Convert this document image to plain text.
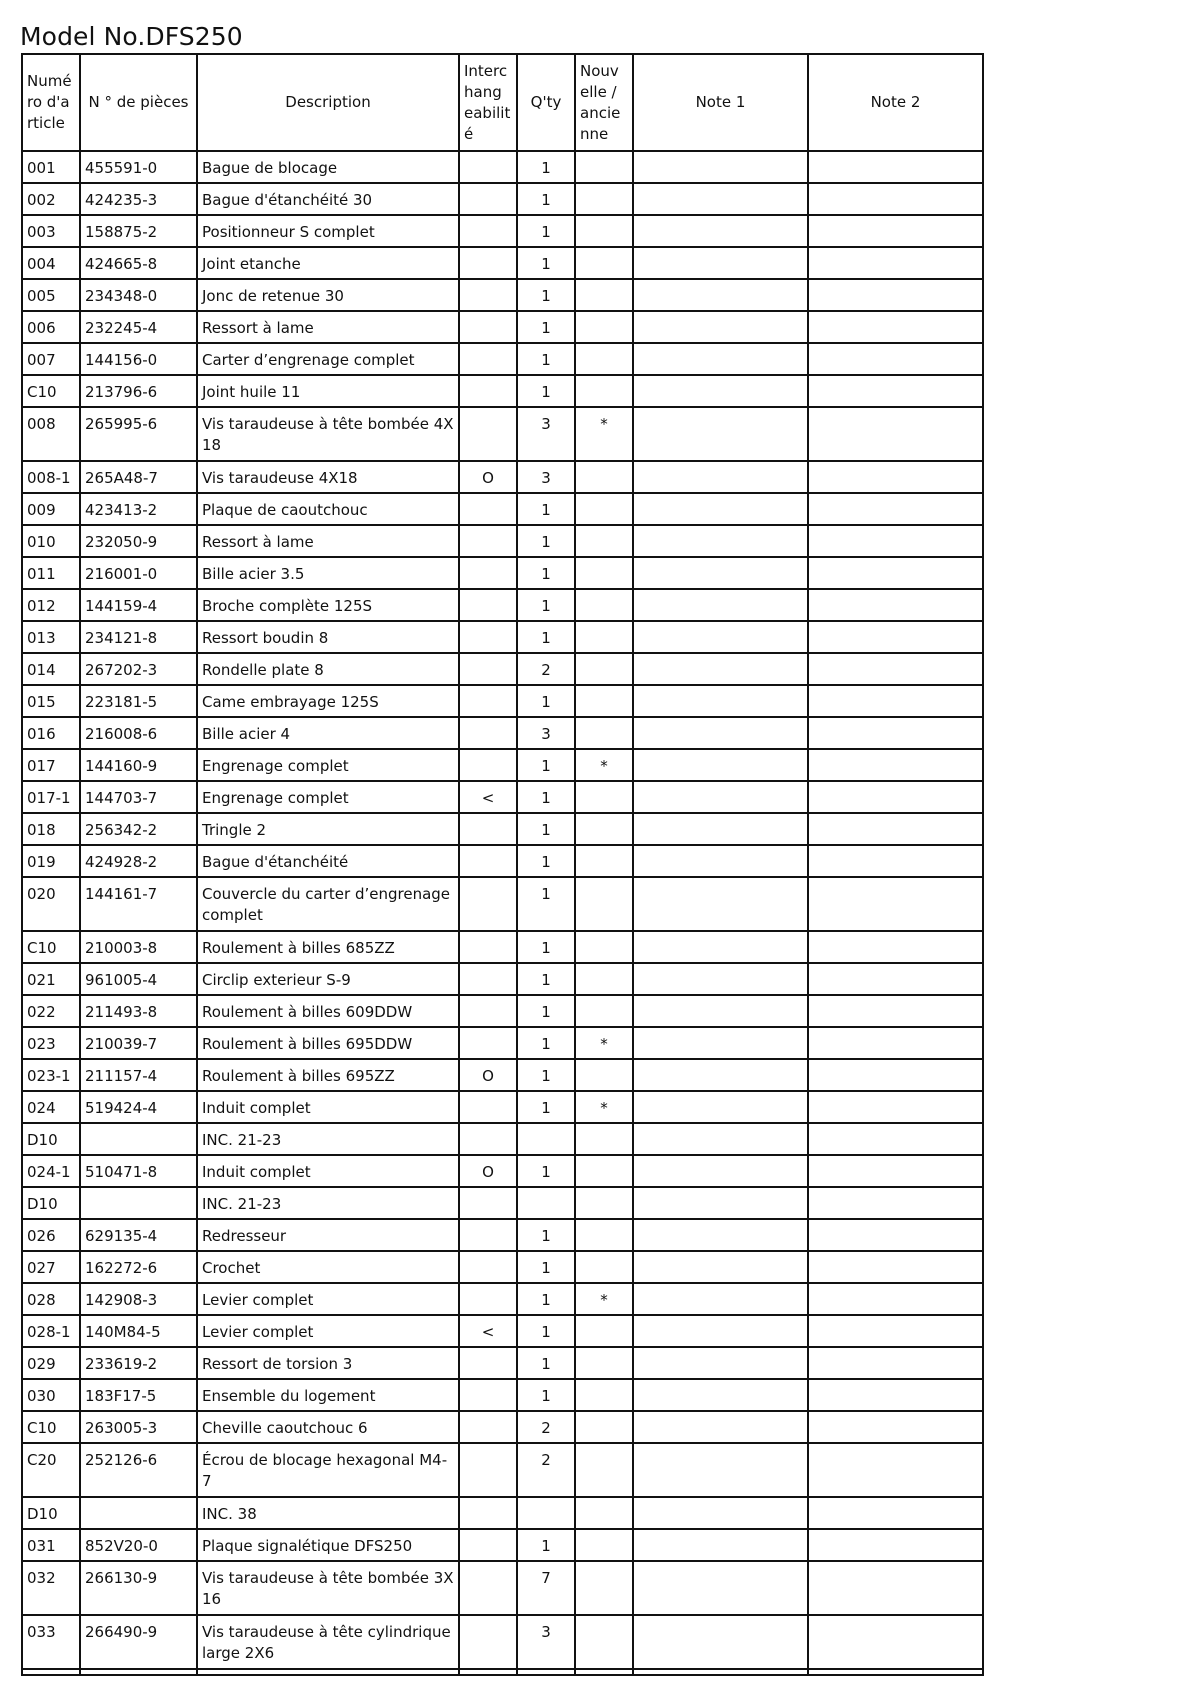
Model No.DFS250
Numé ro d'a rticle	N ° de pièces	Description	Interc hang eabilit é	Q'ty	Nouv elle / ancie nne	Note 1	Note 2
001	455591-0	Bague de blocage		1			
002	424235-3	Bague d'étanchéité 30		1			
003	158875-2	Positionneur S complet		1			
004	424665-8	Joint etanche		1			
005	234348-0	Jonc de retenue 30		1			
006	232245-4	Ressort à lame		1			
007	144156-0	Carter d’engrenage complet		1			
C10	213796-6	Joint huile 11		1			
008	265995-6	Vis taraudeuse à tête bombée 4X 18		3	*		
008-1	265A48-7	Vis taraudeuse 4X18	O	3			
009	423413-2	Plaque de caoutchouc		1			
010	232050-9	Ressort à lame		1			
011	216001-0	Bille acier 3.5		1			
012	144159-4	Broche complète 125S		1			
013	234121-8	Ressort boudin 8		1			
014	267202-3	Rondelle plate 8		2			
015	223181-5	Came embrayage 125S		1			
016	216008-6	Bille acier 4		3			
017	144160-9	Engrenage complet		1	*		
017-1	144703-7	Engrenage complet	<	1			
018	256342-2	Tringle 2		1			
019	424928-2	Bague d'étanchéité		1			
020	144161-7	Couvercle du carter d’engrenage complet		1			
C10	210003-8	Roulement à billes 685ZZ		1			
021	961005-4	Circlip exterieur S-9		1			
022	211493-8	Roulement à billes 609DDW		1			
023	210039-7	Roulement à billes 695DDW		1	*		
023-1	211157-4	Roulement à billes 695ZZ	O	1			
024	519424-4	Induit complet		1	*		
D10		INC. 21-23					
024-1	510471-8	Induit complet	O	1			
D10		INC. 21-23					
026	629135-4	Redresseur		1			
027	162272-6	Crochet		1			
028	142908-3	Levier complet		1	*		
028-1	140M84-5	Levier complet	<	1			
029	233619-2	Ressort de torsion 3		1			
030	183F17-5	Ensemble du logement		1			
C10	263005-3	Cheville caoutchouc 6		2			
C20	252126-6	Écrou de blocage hexagonal M4- 7		2			
D10		INC. 38					
031	852V20-0	Plaque signalétique DFS250		1			
032	266130-9	Vis taraudeuse à tête bombée 3X 16		7			
033	266490-9	Vis taraudeuse à tête cylindrique large 2X6		3			
